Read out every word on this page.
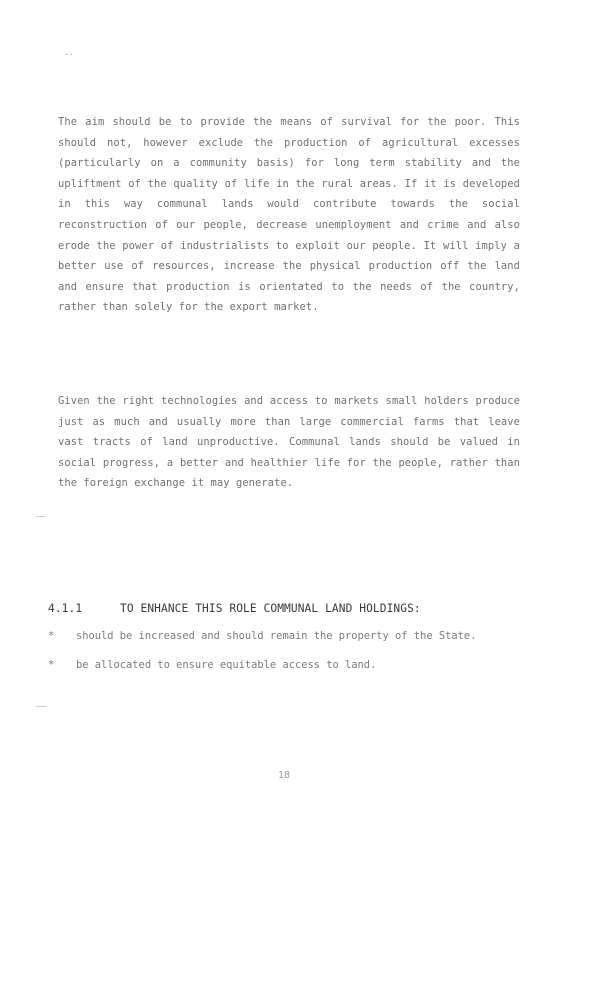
..

The aim should be to provide the means of survival for the poor. This should not, however exclude the production of agricultural excesses (particularly on a community basis) for long term stability and the upliftment of the quality of life in the rural areas. If it is developed in this way communal lands would contribute towards the social reconstruction of our people, decrease unemployment and crime and also erode the power of industrialists to exploit our people. It will imply a better use of resources, increase the physical production off the land and ensure that production is orientated to the needs of the country, rather than solely for the export market.

Given the right technologies and access to markets small holders produce just as much and usually more than large commercial farms that leave vast tracts of land unproductive. Communal lands should be valued in social progress, a better and healthier life for the people, rather than the foreign exchange it may generate.

4.1.1	TO ENHANCE THIS ROLE COMMUNAL LAND HOLDINGS:
* should be increased and should remain the property of the State.
* be allocated to ensure equitable access to land.
18
